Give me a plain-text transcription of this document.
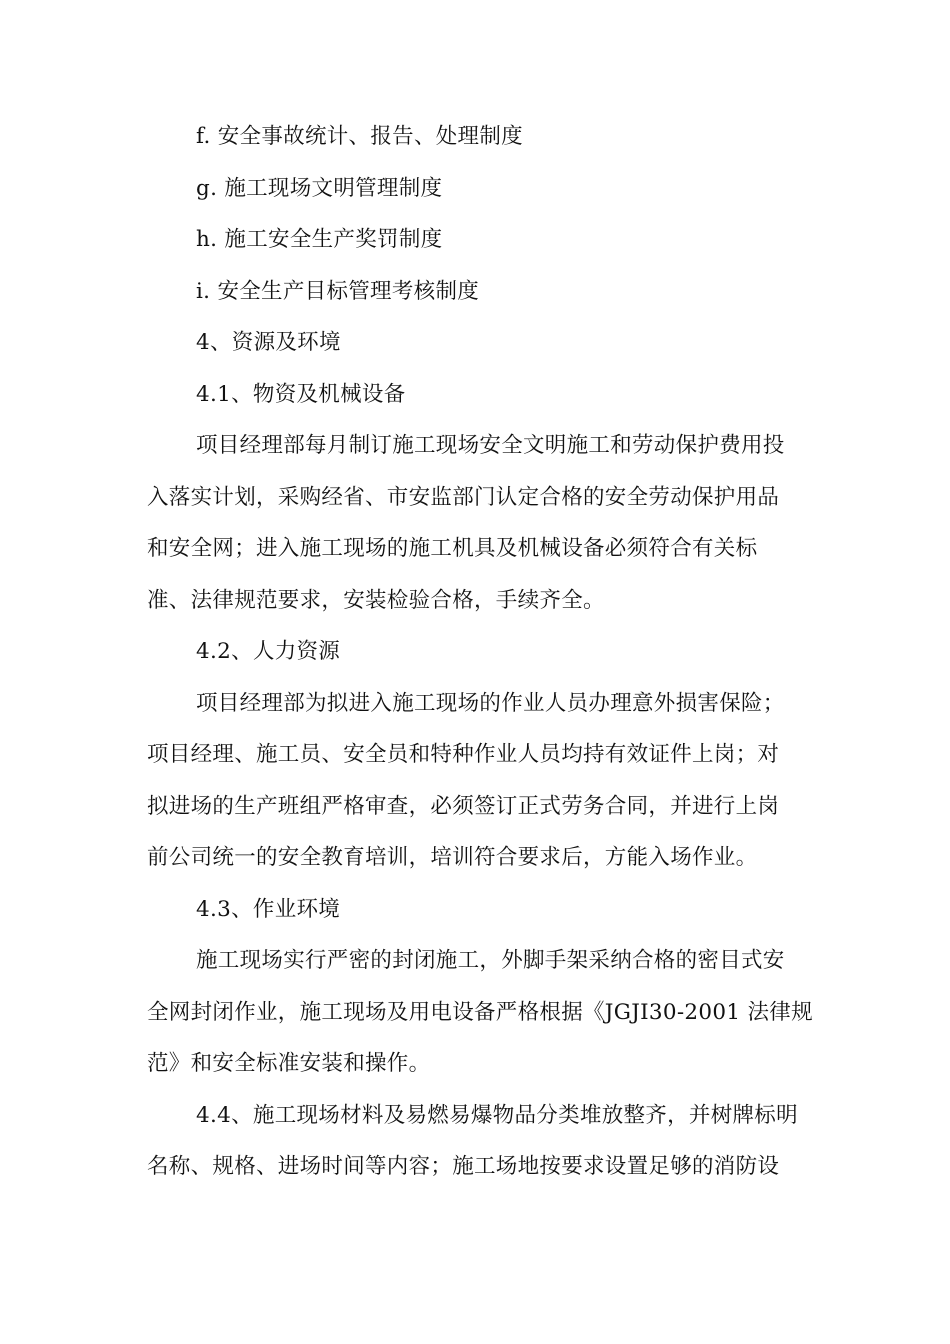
f. 安全事故统计、报告、处理制度
g. 施工现场文明管理制度
h. 施工安全生产奖罚制度
i. 安全生产目标管理考核制度
4、资源及环境
4.1、物资及机械设备
项目经理部每月制订施工现场安全文明施工和劳动保护费用投
入落实计划，采购经省、市安监部门认定合格的安全劳动保护用品
和安全网；进入施工现场的施工机具及机械设备必须符合有关标
准、法律规范要求，安装检验合格，手续齐全。
4.2、人力资源
项目经理部为拟进入施工现场的作业人员办理意外损害保险；
项目经理、施工员、安全员和特种作业人员均持有效证件上岗；对
拟进场的生产班组严格审查，必须签订正式劳务合同，并进行上岗
前公司统一的安全教育培训，培训符合要求后，方能入场作业。
4.3、作业环境
施工现场实行严密的封闭施工，外脚手架采纳合格的密目式安
全网封闭作业，施工现场及用电设备严格根据《JGJI30-2001 法律规
范》和安全标准安装和操作。
4.4、施工现场材料及易燃易爆物品分类堆放整齐，并树牌标明
名称、规格、进场时间等内容；施工场地按要求设置足够的消防设
